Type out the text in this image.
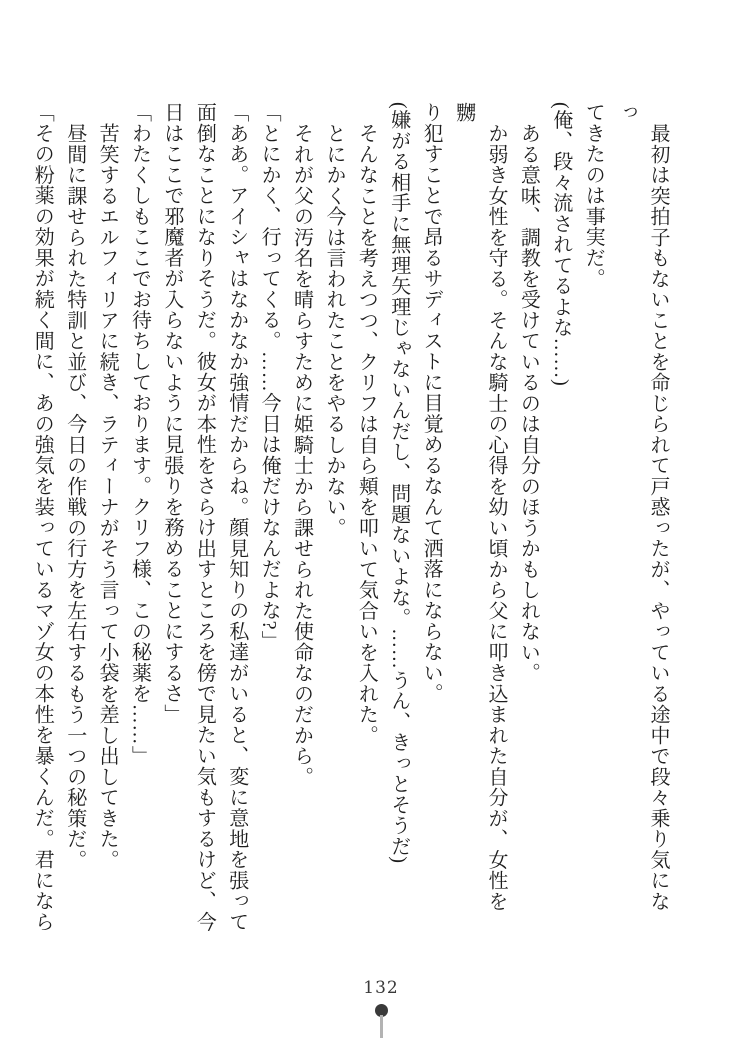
最初は突拍子もないことを命じられて戸惑ったが、やっている途中で段々乗り気になっ

てきたのは事実だ。

(俺、段々流されてるよな……)

ある意味、調教を受けているのは自分のほうかもしれない。

か弱き女性を守る。そんな騎士の心得を幼い頃から父に叩き込まれた自分が、女性を嬲

り犯すことで昂るサディストに目覚めるなんて洒落にならない。

(嫌がる相手に無理矢理じゃないんだし、問題ないよな。……うん、きっとそうだ)

そんなことを考えつつ、クリフは自ら頬を叩いて気合いを入れた。

とにかく今は言われたことをやるしかない。

それが父の汚名を晴らすために姫騎士から課せられた使命なのだから。

「とにかく、行ってくる。……今日は俺だけなんだよな?」

「ああ。アイシャはなかなか強情だからね。顔見知りの私達がいると、変に意地を張って

面倒なことになりそうだ。彼女が本性をさらけ出すところを傍で見たい気もするけど、今

日はここで邪魔者が入らないように見張りを務めることにするさ」

「わたくしもここでお待ちしております。クリフ様、この秘薬を……」

苦笑するエルフィリアに続き、ラティーナがそう言って小袋を差し出してきた。

昼間に課せられた特訓と並び、今日の作戦の行方を左右するもう一つの秘策だ。

「その粉薬の効果が続く間に、あの強気を装っているマゾ女の本性を暴くんだ。君になら

132
